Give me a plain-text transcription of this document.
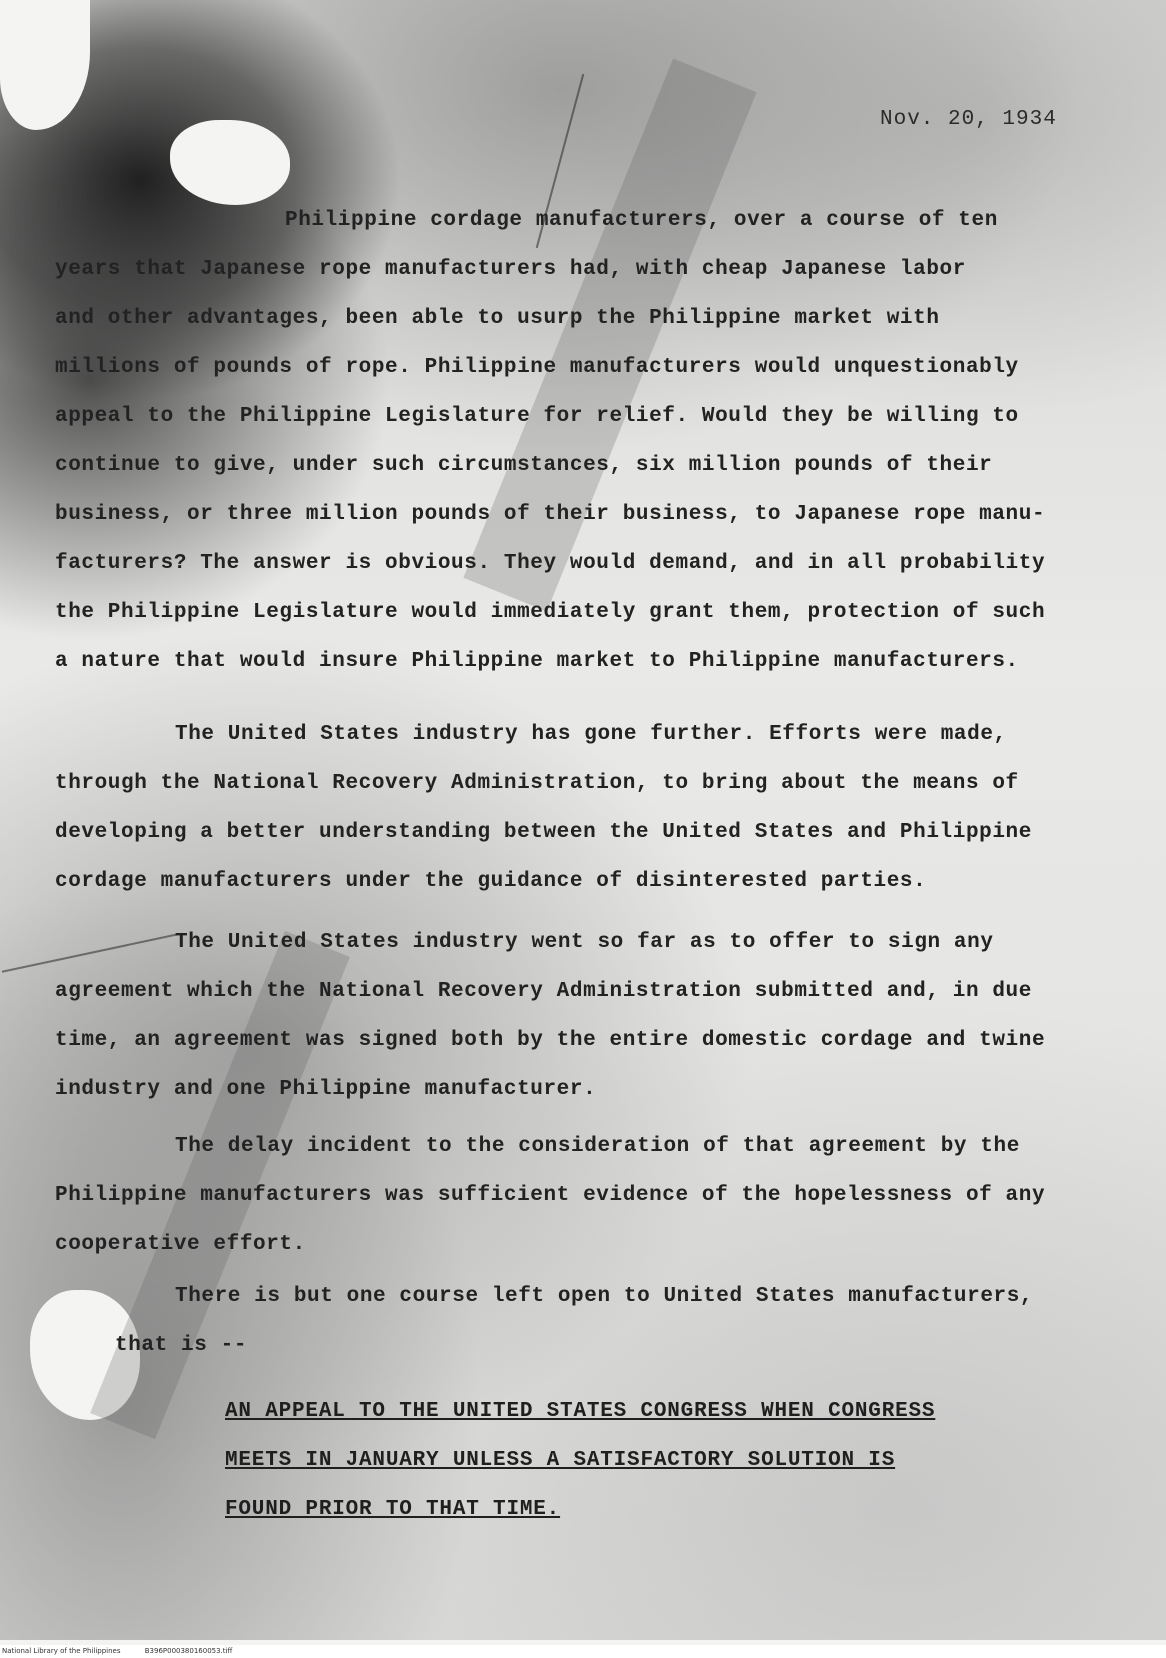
Nov. 20, 1934
Philippine cordage manufacturers, over a course of ten
years that Japanese rope manufacturers had, with cheap Japanese labor
and other advantages, been able to usurp the Philippine market with
millions of pounds of rope. Philippine manufacturers would unquestionably
appeal to the Philippine Legislature for relief. Would they be willing to
continue to give, under such circumstances, six million pounds of their
business, or three million pounds of their business, to Japanese rope manu-
facturers? The answer is obvious. They would demand, and in all probability
the Philippine Legislature would immediately grant them, protection of such
a nature that would insure Philippine market to Philippine manufacturers.
The United States industry has gone further. Efforts were made,
through the National Recovery Administration, to bring about the means of
developing a better understanding between the United States and Philippine
cordage manufacturers under the guidance of disinterested parties.
The United States industry went so far as to offer to sign any
agreement which the National Recovery Administration submitted and, in due
time, an agreement was signed both by the entire domestic cordage and twine
industry and one Philippine manufacturer.
The delay incident to the consideration of that agreement by the
Philippine manufacturers was sufficient evidence of the hopelessness of any
cooperative effort.
There is but one course left open to United States manufacturers,
that is --
AN APPEAL TO THE UNITED STATES CONGRESS WHEN CONGRESS
MEETS IN JANUARY UNLESS A SATISFACTORY SOLUTION IS
FOUND PRIOR TO THAT TIME.
National Library of the Philippines	B396P000380160053.tiff
